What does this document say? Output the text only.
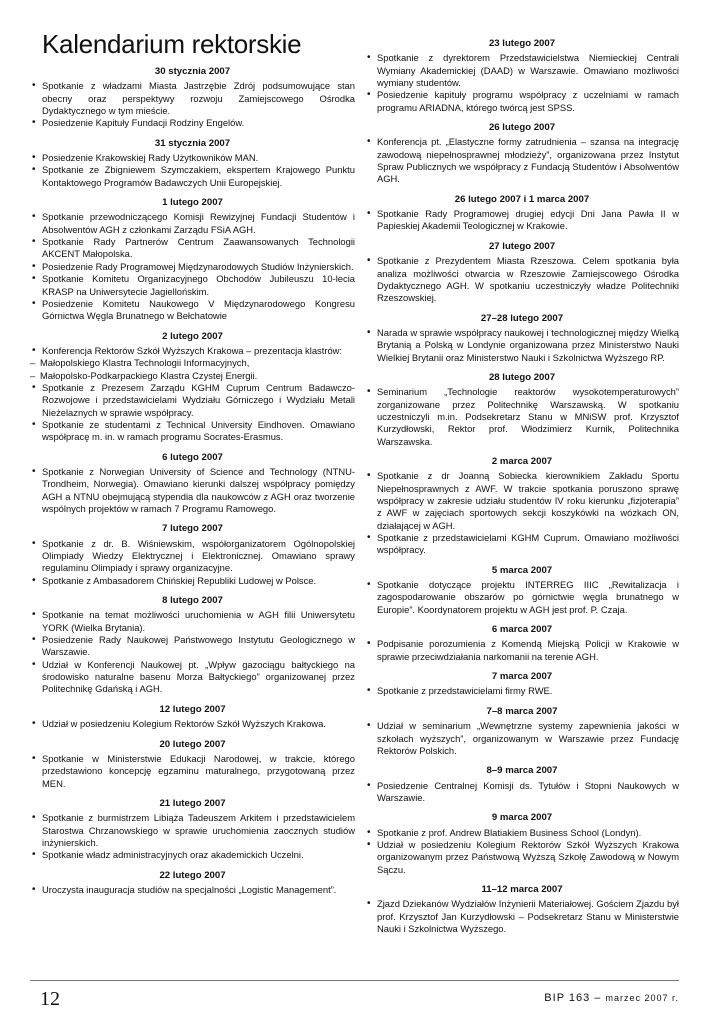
Kalendarium rektorskie
30 stycznia 2007
• Spotkanie z władzami Miasta Jastrzębie Zdrój podsumowujące stan obecny oraz perspektywy rozwoju Zamiejscowego Ośrodka Dydaktycznego w tym mieście.
• Posiedzenie Kapituły Fundacji Rodziny Engelów.
31 stycznia 2007
• Posiedzenie Krakowskiej Rady Użytkowników MAN.
• Spotkanie ze Zbigniewem Szymczakiem, ekspertem Krajowego Punktu Kontaktowego Programów Badawczych Unii Europejskiej.
1 lutego 2007
• Spotkanie przewodniczącego Komisji Rewizyjnej Fundacji Studentów i Absolwentów AGH z członkami Zarządu FSiA AGH.
• Spotkanie Rady Partnerów Centrum Zaawansowanych Technologii AKCENT Małopolska.
• Posiedzenie Rady Programowej Międzynarodowych Studiów Inżynierskich.
• Spotkanie Komitetu Organizacyjnego Obchodów Jubileuszu 10-lecia KRASP na Uniwersytecie Jagiellońskim.
• Posiedzenie Komitetu Naukowego V Międzynarodowego Kongresu Górnictwa Węgla Brunatnego w Bełchatowie
2 lutego 2007
• Konferencja Rektorów Szkół Wyższych Krakowa – prezentacja klastrów:
– Małopolskiego Klastra Technologii Informacyjnych,
– Małopolsko-Podkarpackiego Klastra Czystej Energii.
• Spotkanie z Prezesem Zarządu KGHM Cuprum Centrum Badawczo-Rozwojowe i przedstawicielami Wydziału Górniczego i Wydziału Metali Nieżelaznych w sprawie współpracy.
• Spotkanie ze studentami z Technical University Eindhoven. Omawiano współpracę m. in. w ramach programu Socrates-Erasmus.
6 lutego 2007
• Spotkanie z Norwegian University of Science and Technology (NTNU-Trondheim, Norwegia). Omawiano kierunki dalszej współpracy pomiędzy AGH a NTNU obejmującą stypendia dla naukowców z AGH oraz tworzenie wspólnych projektów w ramach 7 Programu Ramowego.
7 lutego 2007
• Spotkanie z dr. B. Wiśniewskim, współorganizatorem Ogólnopolskiej Olimpiady Wiedzy Elektrycznej i Elektronicznej. Omawiano sprawy regulaminu Olimpiady i sprawy organizacyjne.
• Spotkanie z Ambasadorem Chińskiej Republiki Ludowej w Polsce.
8 lutego 2007
• Spotkanie na temat możliwości uruchomienia w AGH filii Uniwersytetu YORK (Wielka Brytania).
• Posiedzenie Rady Naukowej Państwowego Instytutu Geologicznego w Warszawie.
• Udział w Konferencji Naukowej pt. „Wpływ gazociągu bałtyckiego na środowisko naturalne basenu Morza Bałtyckiego” organizowanej przez Politechnikę Gdańską i AGH.
12 lutego 2007
• Udział w posiedzeniu Kolegium Rektorów Szkół Wyższych Krakowa.
20 lutego 2007
• Spotkanie w Ministerstwie Edukacji Narodowej, w trakcie, którego przedstawiono koncepcję egzaminu maturalnego, przygotowaną przez MEN.
21 lutego 2007
• Spotkanie z burmistrzem Libiąża Tadeuszem Arkitem i przedstawicielem Starostwa Chrzanowskiego w sprawie uruchomienia zaocznych studiów inżynierskich.
• Spotkanie władz administracyjnych oraz akademickich Uczelni.
22 lutego 2007
• Uroczysta inauguracja studiów na specjalności „Logistic Management”.
23 lutego 2007
• Spotkanie z dyrektorem Przedstawicielstwa Niemieckiej Centrali Wymiany Akademickiej (DAAD) w Warszawie. Omawiano możliwości wymiany studentów.
• Posiedzenie kapituły programu współpracy z uczelniami w ramach programu ARIADNA, którego twórcą jest SPSS.
26 lutego 2007
• Konferencja pt. „Elastyczne formy zatrudnienia – szansa na integrację zawodową niepełnosprawnej młodzieży”, organizowana przez Instytut Spraw Publicznych we współpracy z Fundacją Studentów i Absolwentów AGH.
26 lutego 2007 i 1 marca 2007
• Spotkanie Rady Programowej drugiej edycji Dni Jana Pawła II w Papieskiej Akademii Teologicznej w Krakowie.
27 lutego 2007
• Spotkanie z Prezydentem Miasta Rzeszowa. Celem spotkania była analiza możliwości otwarcia w Rzeszowie Zamiejscowego Ośrodka Dydaktycznego AGH. W spotkaniu uczestniczyły władze Politechniki Rzeszowskiej.
27–28 lutego 2007
• Narada w sprawie współpracy naukowej i technologicznej między Wielką Brytanią a Polską w Londynie organizowana przez Ministerstwo Nauki Wielkiej Brytanii oraz Ministerstwo Nauki i Szkolnictwa Wyższego RP.
28 lutego 2007
• Seminarium „Technologie reaktorów wysokotemperaturowych” zorganizowane przez Politechnikę Warszawską. W spotkaniu uczestniczyli m.in. Podsekretarz Stanu w MNiSW prof. Krzysztof Kurzydłowski, Rektor prof. Włodzimierz Kurnik, Politechnika Warszawska.
2 marca 2007
• Spotkanie z dr Joanną Sobiecka kierownikiem Zakładu Sportu Niepełnosprawnych z AWF. W trakcie spotkania poruszono sprawę współpracy w zakresie udziału studentów IV roku kierunku „fizjoterapia” z AWF w zajęciach sportowych sekcji koszykówki na wózkach ON, działającej w AGH.
• Spotkanie z przedstawicielami KGHM Cuprum. Omawiano możliwości współpracy.
5 marca 2007
• Spotkanie dotyczące projektu INTERREG IIIC „Rewitalizacja i zagospodarowanie obszarów po górnictwie węgla brunatnego w Europie”. Koordynatorem projektu w AGH jest prof. P. Czaja.
6 marca 2007
• Podpisanie porozumienia z Komendą Miejską Policji w Krakowie w sprawie przeciwdziałania narkomanii na terenie AGH.
7 marca 2007
• Spotkanie z przedstawicielami firmy RWE.
7–8 marca 2007
• Udział w seminarium „Wewnętrzne systemy zapewnienia jakości w szkołach wyższych”, organizowanym w Warszawie przez Fundację Rektorów Polskich.
8–9 marca 2007
• Posiedzenie Centralnej Komisji ds. Tytułów i Stopni Naukowych w Warszawie.
9 marca 2007
• Spotkanie z prof. Andrew Blatiakiem Business School (Londyn).
• Udział w posiedzeniu Kolegium Rektorów Szkół Wyższych Krakowa organizowanym przez Państwową Wyższą Szkołę Zawodową w Nowym Sączu.
11–12 marca 2007
• Zjazd Dziekanów Wydziałów Inżynierii Materiałowej. Gościem Zjazdu był prof. Krzysztof Jan Kurzydłowski – Podsekretarz Stanu w Ministerstwie Nauki i Szkolnictwa Wyższego.
12	BIP 163 – marzec 2007 r.
